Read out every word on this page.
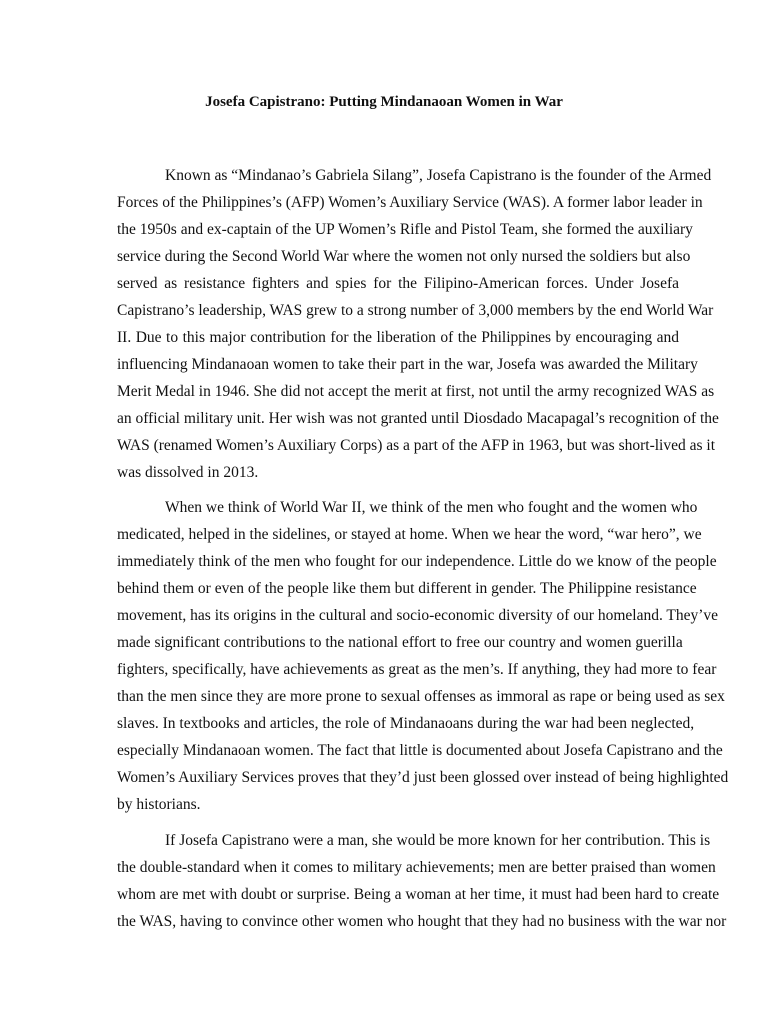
Josefa Capistrano: Putting Mindanaoan Women in War
Known as “Mindanao’s Gabriela Silang”, Josefa Capistrano is the founder of the Armed
Forces of the Philippines’s (AFP) Women’s Auxiliary Service (WAS). A former labor leader in
the 1950s and ex-captain of the UP Women’s Rifle and Pistol Team, she formed the auxiliary
service during the Second World War where the women not only nursed the soldiers but also
served as resistance fighters and spies for the Filipino-American forces. Under Josefa
Capistrano’s leadership, WAS grew to a strong number of 3,000 members by the end World War
II. Due to this major contribution for the liberation of the Philippines by encouraging and
influencing Mindanaoan women to take their part in the war, Josefa was awarded the Military
Merit Medal in 1946. She did not accept the merit at first, not until the army recognized WAS as
an official military unit. Her wish was not granted until Diosdado Macapagal’s recognition of the
WAS (renamed Women’s Auxiliary Corps) as a part of the AFP in 1963, but was short-lived as it
was dissolved in 2013.
When we think of World War II, we think of the men who fought and the women who
medicated, helped in the sidelines, or stayed at home. When we hear the word, “war hero”, we
immediately think of the men who fought for our independence. Little do we know of the people
behind them or even of the people like them but different in gender. The Philippine resistance
movement, has its origins in the cultural and socio-economic diversity of our homeland. They’ve
made significant contributions to the national effort to free our country and women guerilla
fighters, specifically, have achievements as great as the men’s. If anything, they had more to fear
than the men since they are more prone to sexual offenses as immoral as rape or being used as sex
slaves. In textbooks and articles, the role of Mindanaoans during the war had been neglected,
especially Mindanaoan women. The fact that little is documented about Josefa Capistrano and the
Women’s Auxiliary Services proves that they’d just been glossed over instead of being highlighted
by historians.
If Josefa Capistrano were a man, she would be more known for her contribution. This is
the double-standard when it comes to military achievements; men are better praised than women
whom are met with doubt or surprise. Being a woman at her time, it must had been hard to create
the WAS, having to convince other women who hought that they had no business with the war nor
